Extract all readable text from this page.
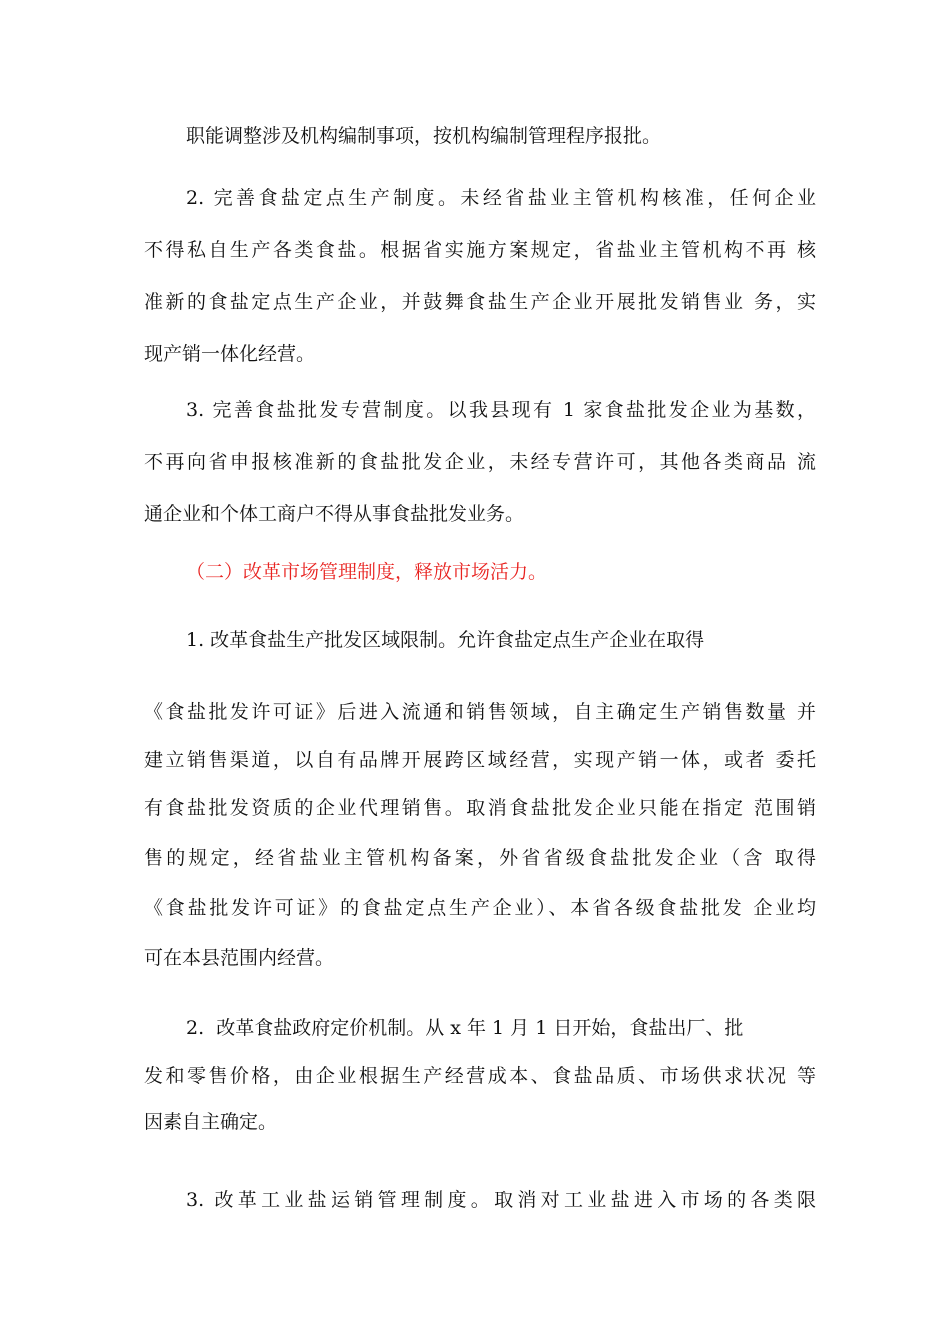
职能调整涉及机构编制事项，按机构编制管理程序报批。

2. 完善食盐定点生产制度。未经省盐业主管机构核准，任何企业

不得私自生产各类食盐。根据省实施方案规定，省盐业主管机构不再 核

准新的食盐定点生产企业，并鼓舞食盐生产企业开展批发销售业 务，实

现产销一体化经营。

3. 完善食盐批发专营制度。以我县现有 1 家食盐批发企业为基数，

不再向省申报核准新的食盐批发企业，未经专营许可，其他各类商品 流

通企业和个体工商户不得从事食盐批发业务。

（二）改革市场管理制度，释放市场活力。

1. 改革食盐生产批发区域限制。允许食盐定点生产企业在取得

《食盐批发许可证》后进入流通和销售领域，自主确定生产销售数量 并

建立销售渠道，以自有品牌开展跨区域经营，实现产销一体，或者 委托

有食盐批发资质的企业代理销售。取消食盐批发企业只能在指定 范围销

售的规定，经省盐业主管机构备案，外省省级食盐批发企业（含 取得

《食盐批发许可证》的食盐定点生产企业）、本省各级食盐批发 企业均

可在本县范围内经营。

2.  改革食盐政府定价机制。从 x 年 1 月 1 日开始，食盐出厂、批

发和零售价格，由企业根据生产经营成本、食盐品质、市场供求状况 等

因素自主确定。

3. 改革工业盐运销管理制度。取消对工业盐进入市场的各类限
